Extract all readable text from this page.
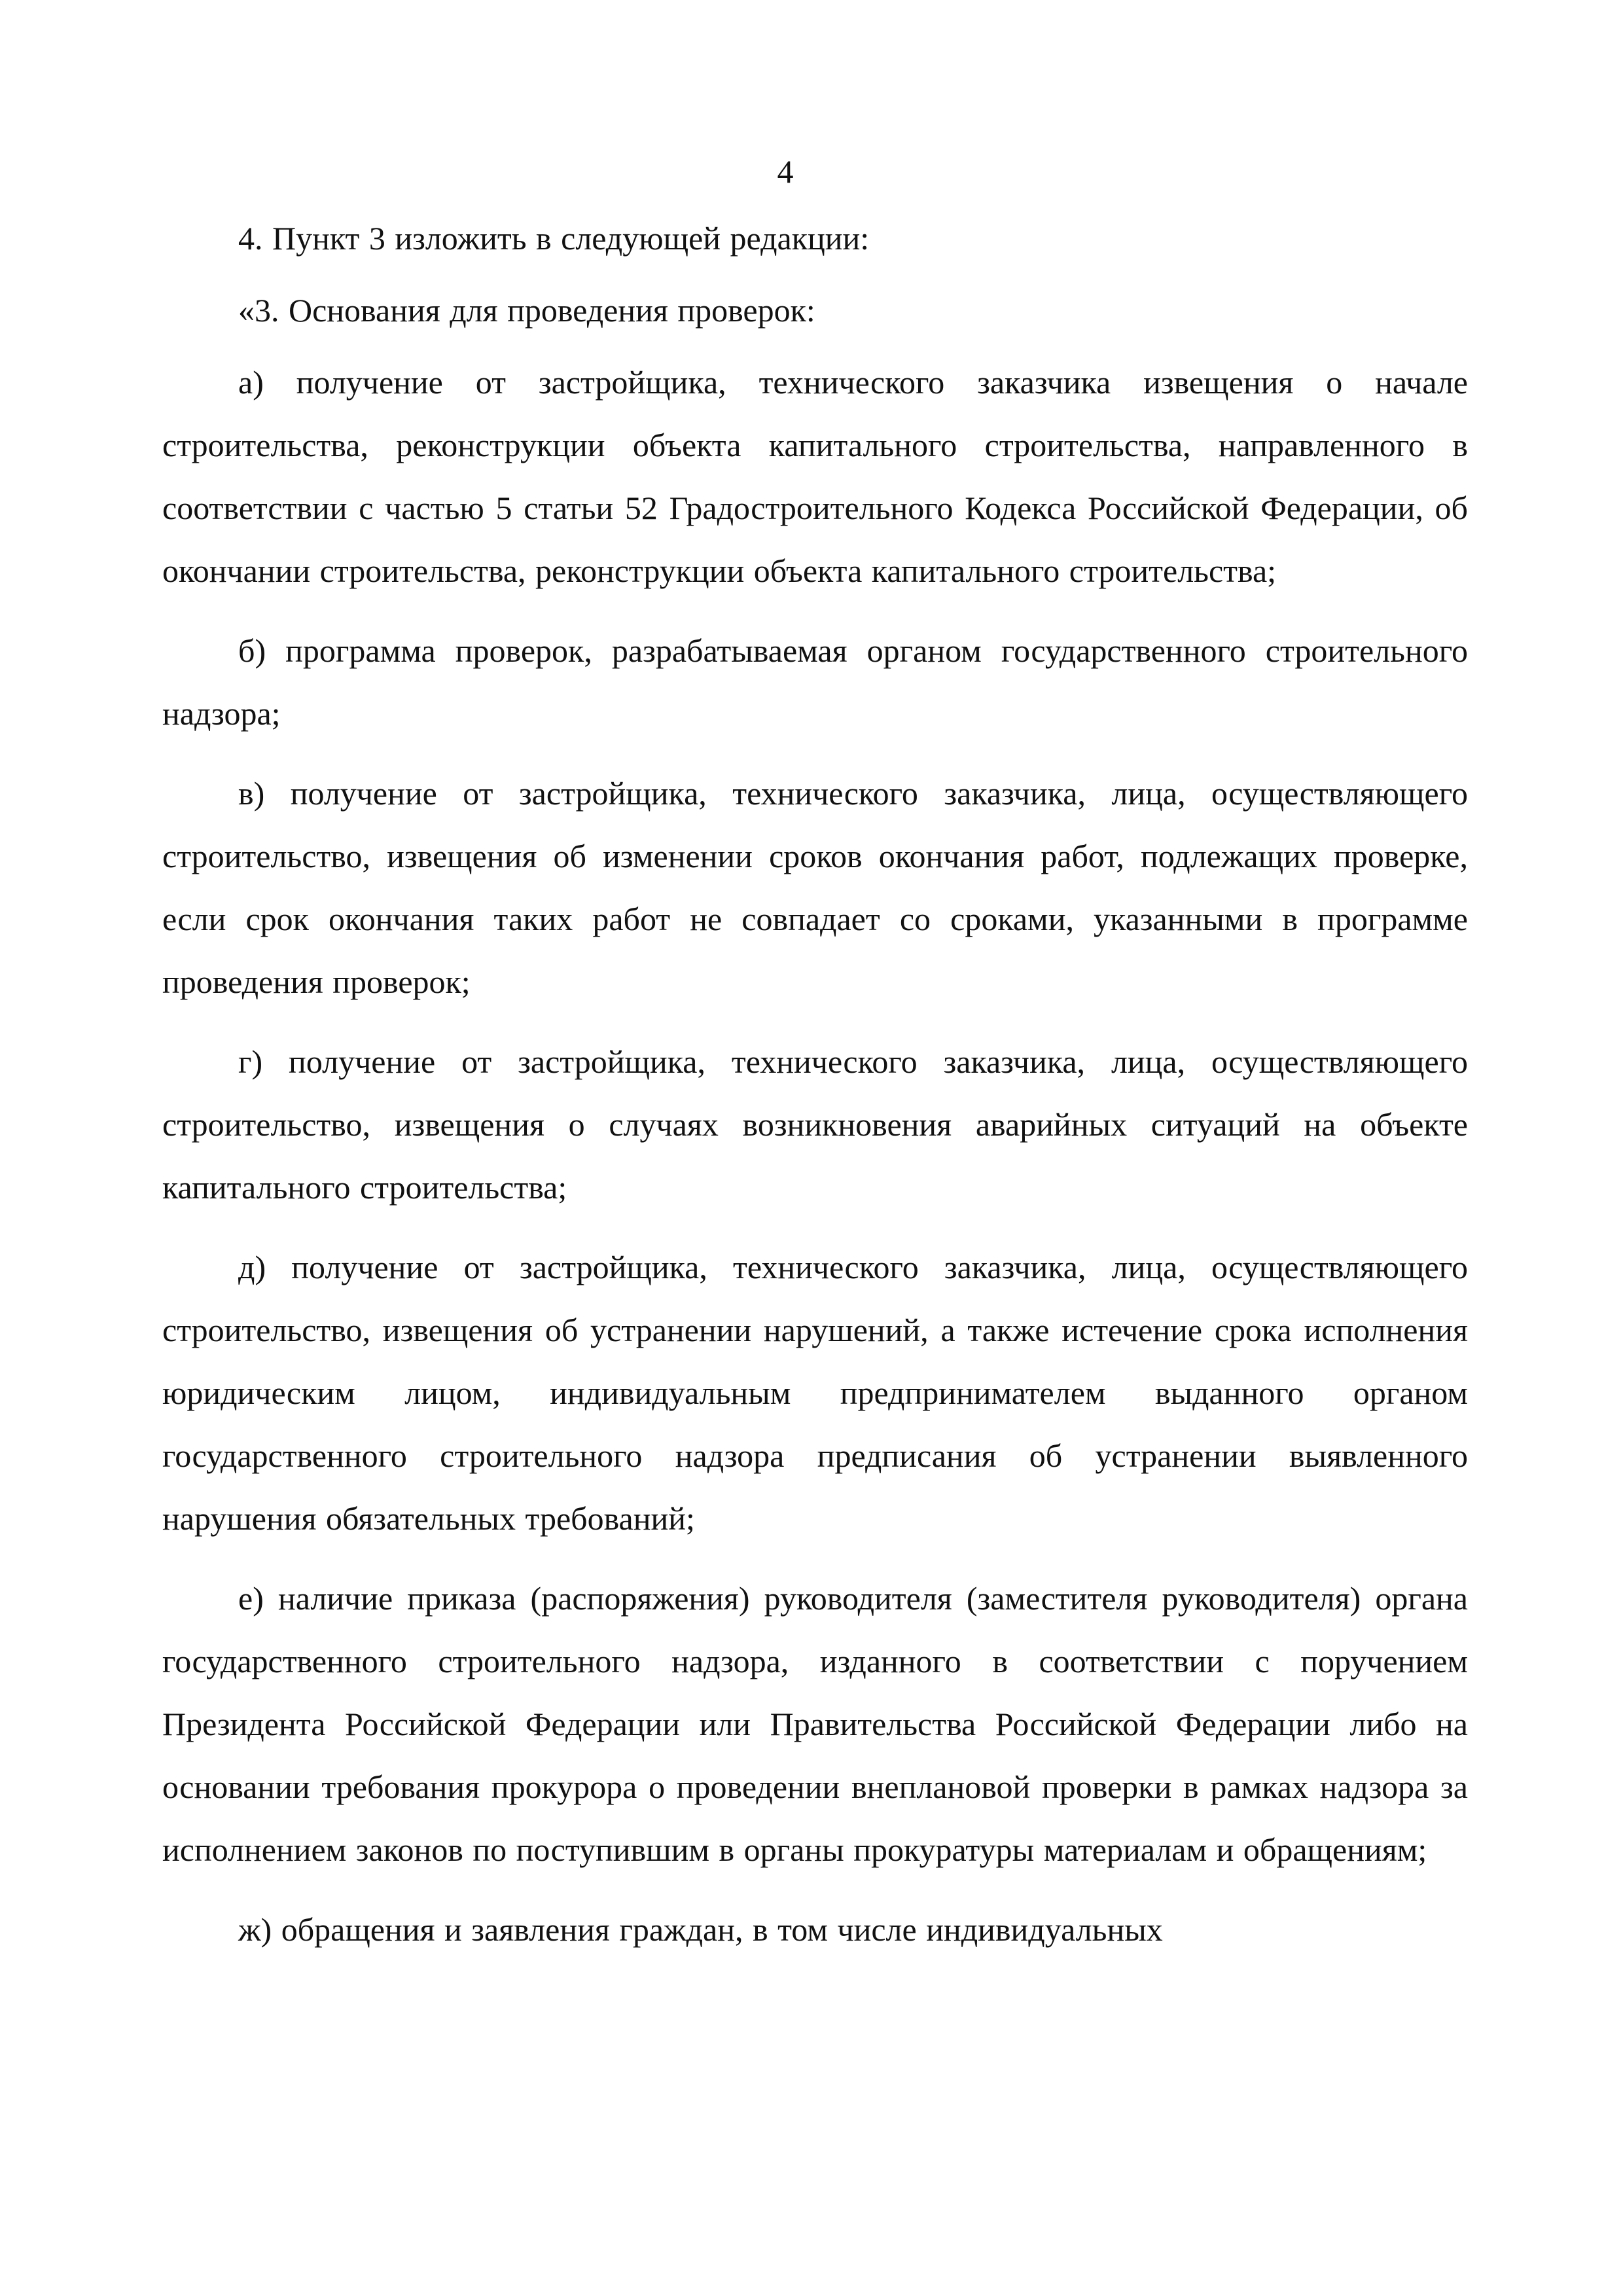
4

4. Пункт 3 изложить в следующей редакции:

«3. Основания для проведения проверок:

а) получение от застройщика, технического заказчика извещения о начале строительства, реконструкции объекта капитального строительства, направленного в соответствии с частью 5 статьи 52 Градостроительного Кодекса Российской Федерации, об окончании строительства, реконструкции объекта капитального строительства;

б) программа проверок, разрабатываемая органом государственного строительного надзора;

в) получение от застройщика, технического заказчика, лица, осуществляющего строительство, извещения об изменении сроков окончания работ, подлежащих проверке, если срок окончания таких работ не совпадает со сроками, указанными в программе проведения проверок;

г) получение от застройщика, технического заказчика, лица, осуществляющего строительство, извещения о случаях возникновения аварийных ситуаций на объекте капитального строительства;

д) получение от застройщика, технического заказчика, лица, осуществляющего строительство, извещения об устранении нарушений, а также истечение срока исполнения юридическим лицом, индивидуальным предпринимателем выданного органом государственного строительного надзора предписания об устранении выявленного нарушения обязательных требований;

е) наличие приказа (распоряжения) руководителя (заместителя руководителя) органа государственного строительного надзора, изданного в соответствии с поручением Президента Российской Федерации или Правительства Российской Федерации либо на основании требования прокурора о проведении внеплановой проверки в рамках надзора за исполнением законов по поступившим в органы прокуратуры материалам и обращениям;

ж) обращения и заявления граждан, в том числе индивидуальных
